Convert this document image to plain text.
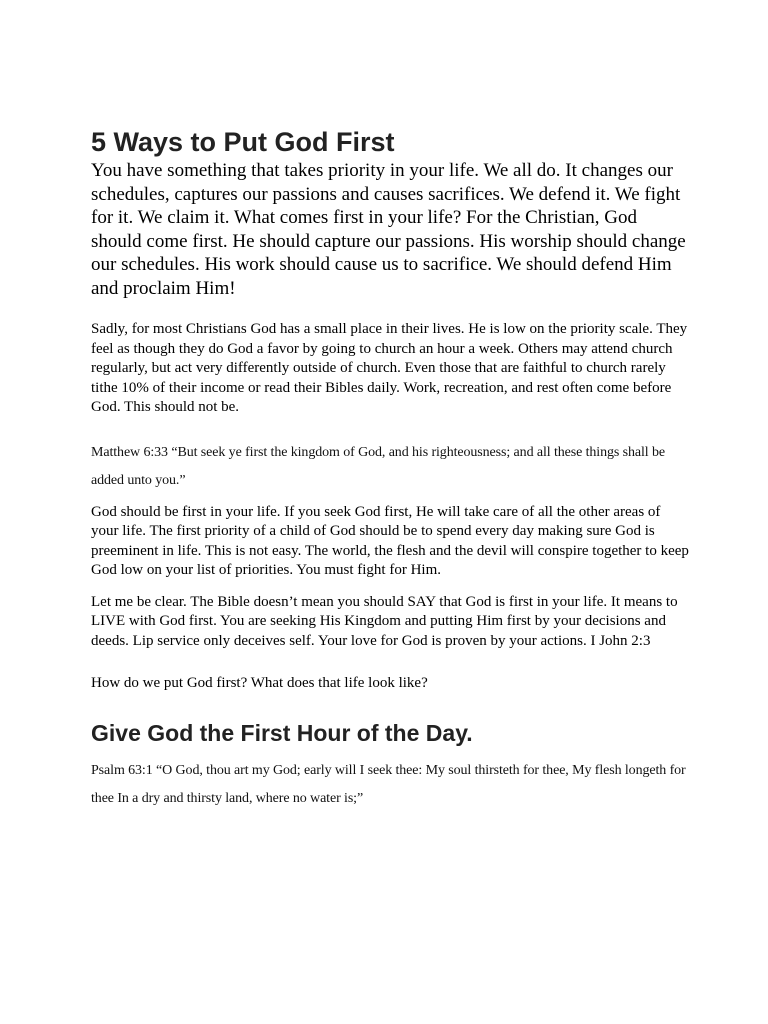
5 Ways to Put God First

You have something that takes priority in your life. We all do. It changes our schedules, captures our passions and causes sacrifices. We defend it. We fight for it. We claim it. What comes first in your life? For the Christian, God should come first. He should capture our passions. His worship should change our schedules. His work should cause us to sacrifice. We should defend Him and proclaim Him!

Sadly, for most Christians God has a small place in their lives. He is low on the priority scale. They feel as though they do God a favor by going to church an hour a week. Others may attend church regularly, but act very differently outside of church. Even those that are faithful to church rarely tithe 10% of their income or read their Bibles daily. Work, recreation, and rest often come before God. This should not be.

Matthew 6:33 “But seek ye first the kingdom of God, and his righteousness; and all these things shall be added unto you.”

God should be first in your life. If you seek God first, He will take care of all the other areas of your life. The first priority of a child of God should be to spend every day making sure God is preeminent in life. This is not easy. The world, the flesh and the devil will conspire together to keep God low on your list of priorities. You must fight for Him.

Let me be clear. The Bible doesn’t mean you should SAY that God is first in your life. It means to LIVE with God first. You are seeking His Kingdom and putting Him first by your decisions and deeds. Lip service only deceives self. Your love for God is proven by your actions. I John 2:3

How do we put God first? What does that life look like?

Give God the First Hour of the Day.

Psalm 63:1 “O God, thou art my God; early will I seek thee: My soul thirsteth for thee, My flesh longeth for thee In a dry and thirsty land, where no water is;”
